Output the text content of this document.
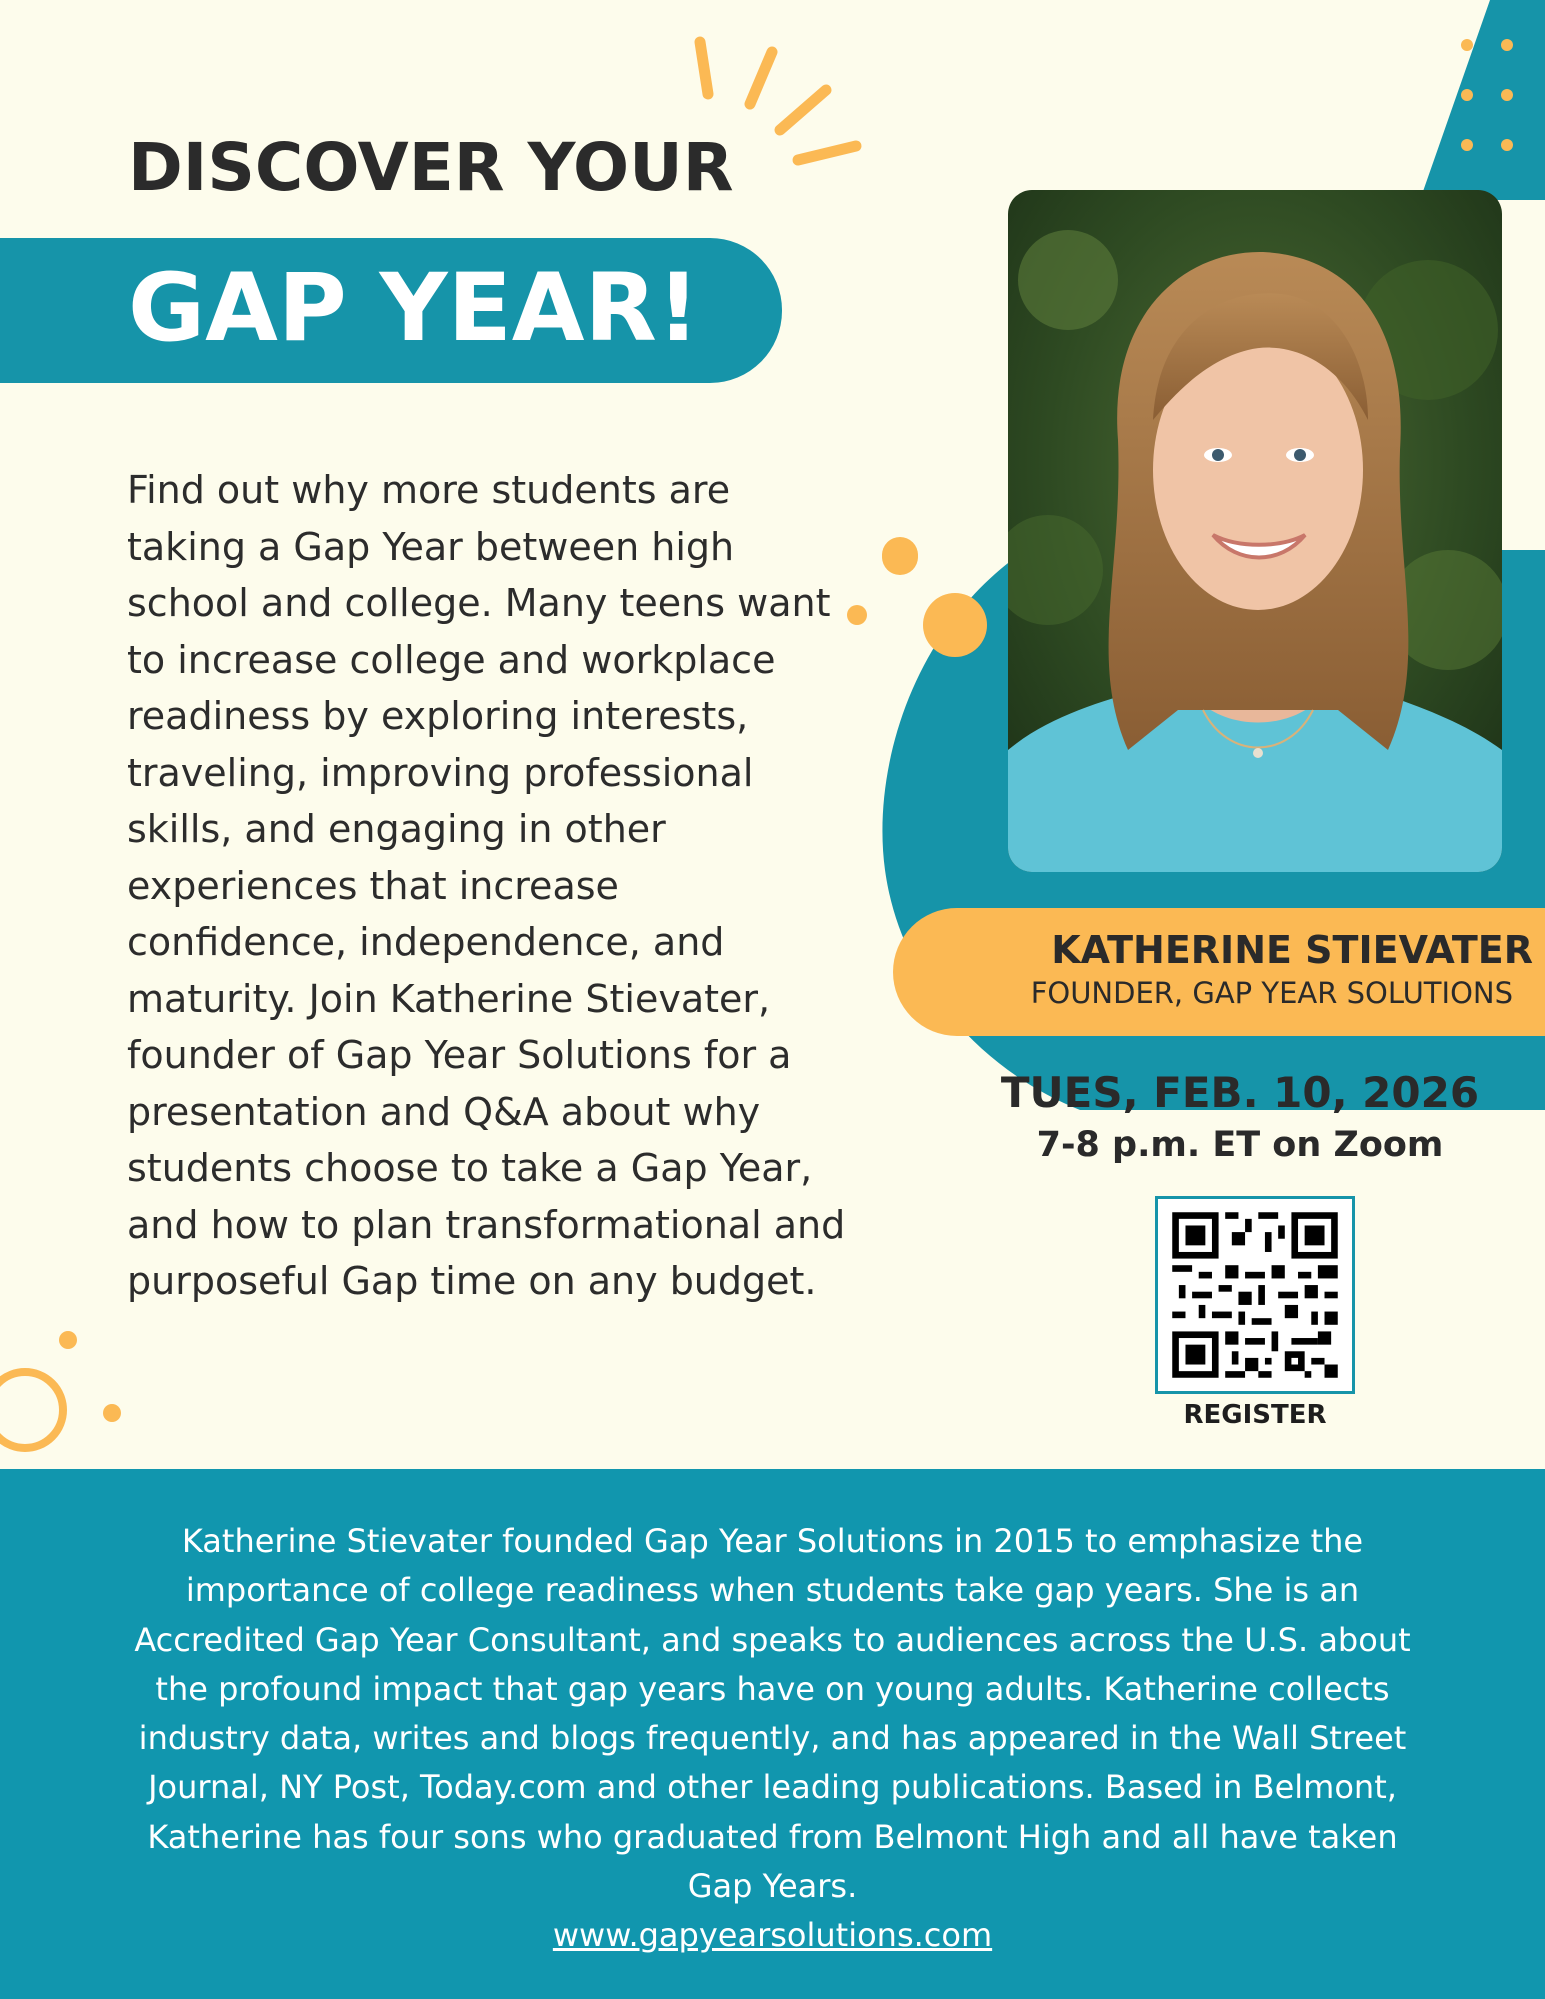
DISCOVER YOUR
GAP YEAR!

Find out why more students are taking a Gap Year between high school and college. Many teens want to increase college and workplace readiness by exploring interests, traveling, improving professional skills, and engaging in other experiences that increase confidence, independence, and maturity. Join Katherine Stievater, founder of Gap Year Solutions for a presentation and Q&A about why students choose to take a Gap Year, and how to plan transformational and purposeful Gap time on any budget.

KATHERINE STIEVATER

FOUNDER, GAP YEAR SOLUTIONS

TUES, FEB. 10, 2026

7-8 p.m. ET on Zoom

REGISTER

Katherine Stievater founded Gap Year Solutions in 2015 to emphasize the importance of college readiness when students take gap years. She is an Accredited Gap Year Consultant, and speaks to audiences across the U.S. about the profound impact that gap years have on young adults. Katherine collects industry data, writes and blogs frequently, and has appeared in the Wall Street Journal, NY Post, Today.com and other leading publications. Based in Belmont, Katherine has four sons who graduated from Belmont High and all have taken Gap Years.

www.gapyearsolutions.com
